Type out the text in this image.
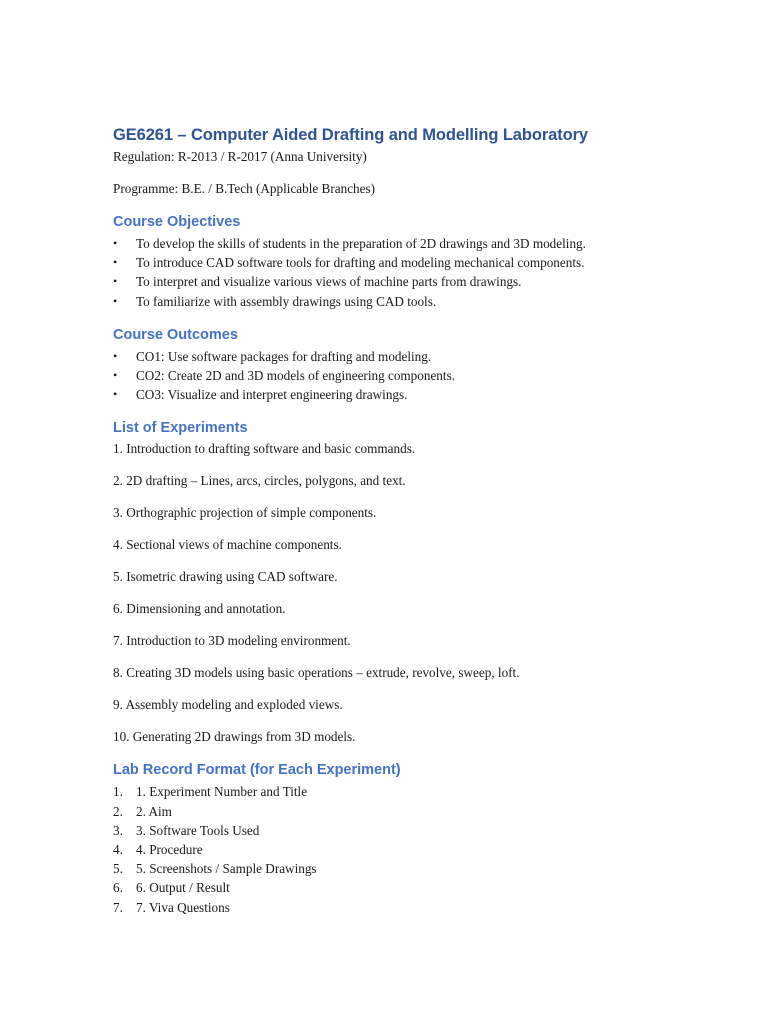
GE6261 – Computer Aided Drafting and Modelling Laboratory

Regulation: R-2013 / R-2017 (Anna University)

Programme: B.E. / B.Tech (Applicable Branches)

Course Objectives
• To develop the skills of students in the preparation of 2D drawings and 3D modeling.
• To introduce CAD software tools for drafting and modeling mechanical components.
• To interpret and visualize various views of machine parts from drawings.
• To familiarize with assembly drawings using CAD tools.
Course Outcomes
• CO1: Use software packages for drafting and modeling.
• CO2: Create 2D and 3D models of engineering components.
• CO3: Visualize and interpret engineering drawings.
List of Experiments

1. Introduction to drafting software and basic commands.

2. 2D drafting – Lines, arcs, circles, polygons, and text.

3. Orthographic projection of simple components.

4. Sectional views of machine components.

5. Isometric drawing using CAD software.

6. Dimensioning and annotation.

7. Introduction to 3D modeling environment.

8. Creating 3D models using basic operations – extrude, revolve, sweep, loft.

9. Assembly modeling and exploded views.

10. Generating 2D drawings from 3D models.

Lab Record Format (for Each Experiment)
1. 1. Experiment Number and Title
2. 2. Aim
3. 3. Software Tools Used
4. 4. Procedure
5. 5. Screenshots / Sample Drawings
6. 6. Output / Result
7. 7. Viva Questions
